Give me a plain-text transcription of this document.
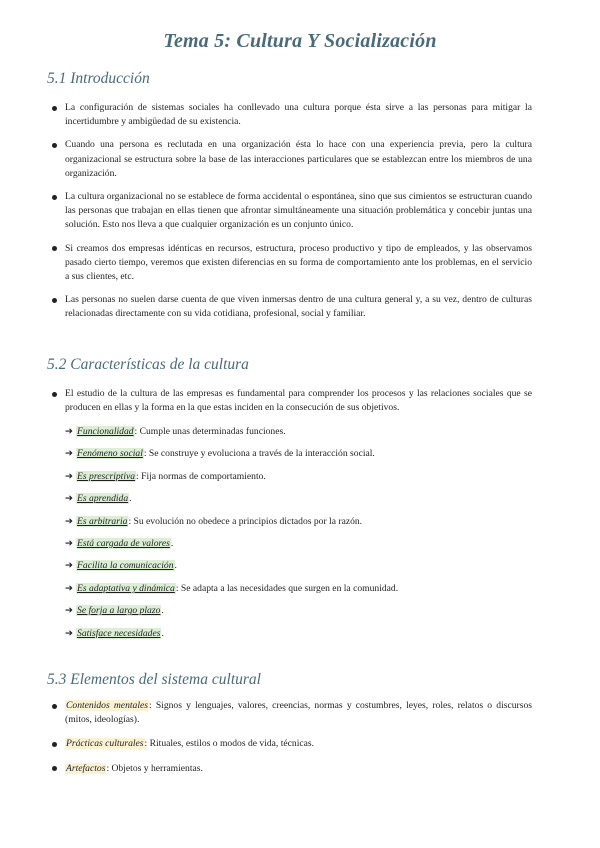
Tema 5: Cultura Y Socialización
5.1 Introducción
La configuración de sistemas sociales ha conllevado una cultura porque ésta sirve a las personas para mitigar la incertidumbre y ambigüedad de su existencia.
Cuando una persona es reclutada en una organización ésta lo hace con una experiencia previa, pero la cultura organizacional se estructura sobre la base de las interacciones particulares que se establezcan entre los miembros de una organización.
La cultura organizacional no se establece de forma accidental o espontánea, sino que sus cimientos se estructuran cuando las personas que trabajan en ellas tienen que afrontar simultáneamente una situación problemática y concebir juntas una solución. Esto nos lleva a que cualquier organización es un conjunto único.
Si creamos dos empresas idénticas en recursos, estructura, proceso productivo y tipo de empleados, y las observamos pasado cierto tiempo, veremos que existen diferencias en su forma de comportamiento ante los problemas, en el servicio a sus clientes, etc.
Las personas no suelen darse cuenta de que viven inmersas dentro de una cultura general y, a su vez, dentro de culturas relacionadas directamente con su vida cotidiana, profesional, social y familiar.
5.2 Características de la cultura
El estudio de la cultura de las empresas es fundamental para comprender los procesos y las relaciones sociales que se producen en ellas y la forma en la que estas inciden en la consecución de sus objetivos.
➔ Funcionalidad: Cumple unas determinadas funciones.
➔ Fenómeno social: Se construye y evoluciona a través de la interacción social.
➔ Es prescriptiva: Fija normas de comportamiento.
➔ Es aprendida.
➔ Es arbitraria: Su evolución no obedece a principios dictados por la razón.
➔ Está cargada de valores.
➔ Facilita la comunicación.
➔ Es adaptativa y dinámica: Se adapta a las necesidades que surgen en la comunidad.
➔ Se forja a largo plazo.
➔ Satisface necesidades.
5.3 Elementos del sistema cultural
Contenidos mentales: Signos y lenguajes, valores, creencias, normas y costumbres, leyes, roles, relatos o discursos (mitos, ideologías).
Prácticas culturales: Rituales, estilos o modos de vida, técnicas.
Artefactos: Objetos y herramientas.
